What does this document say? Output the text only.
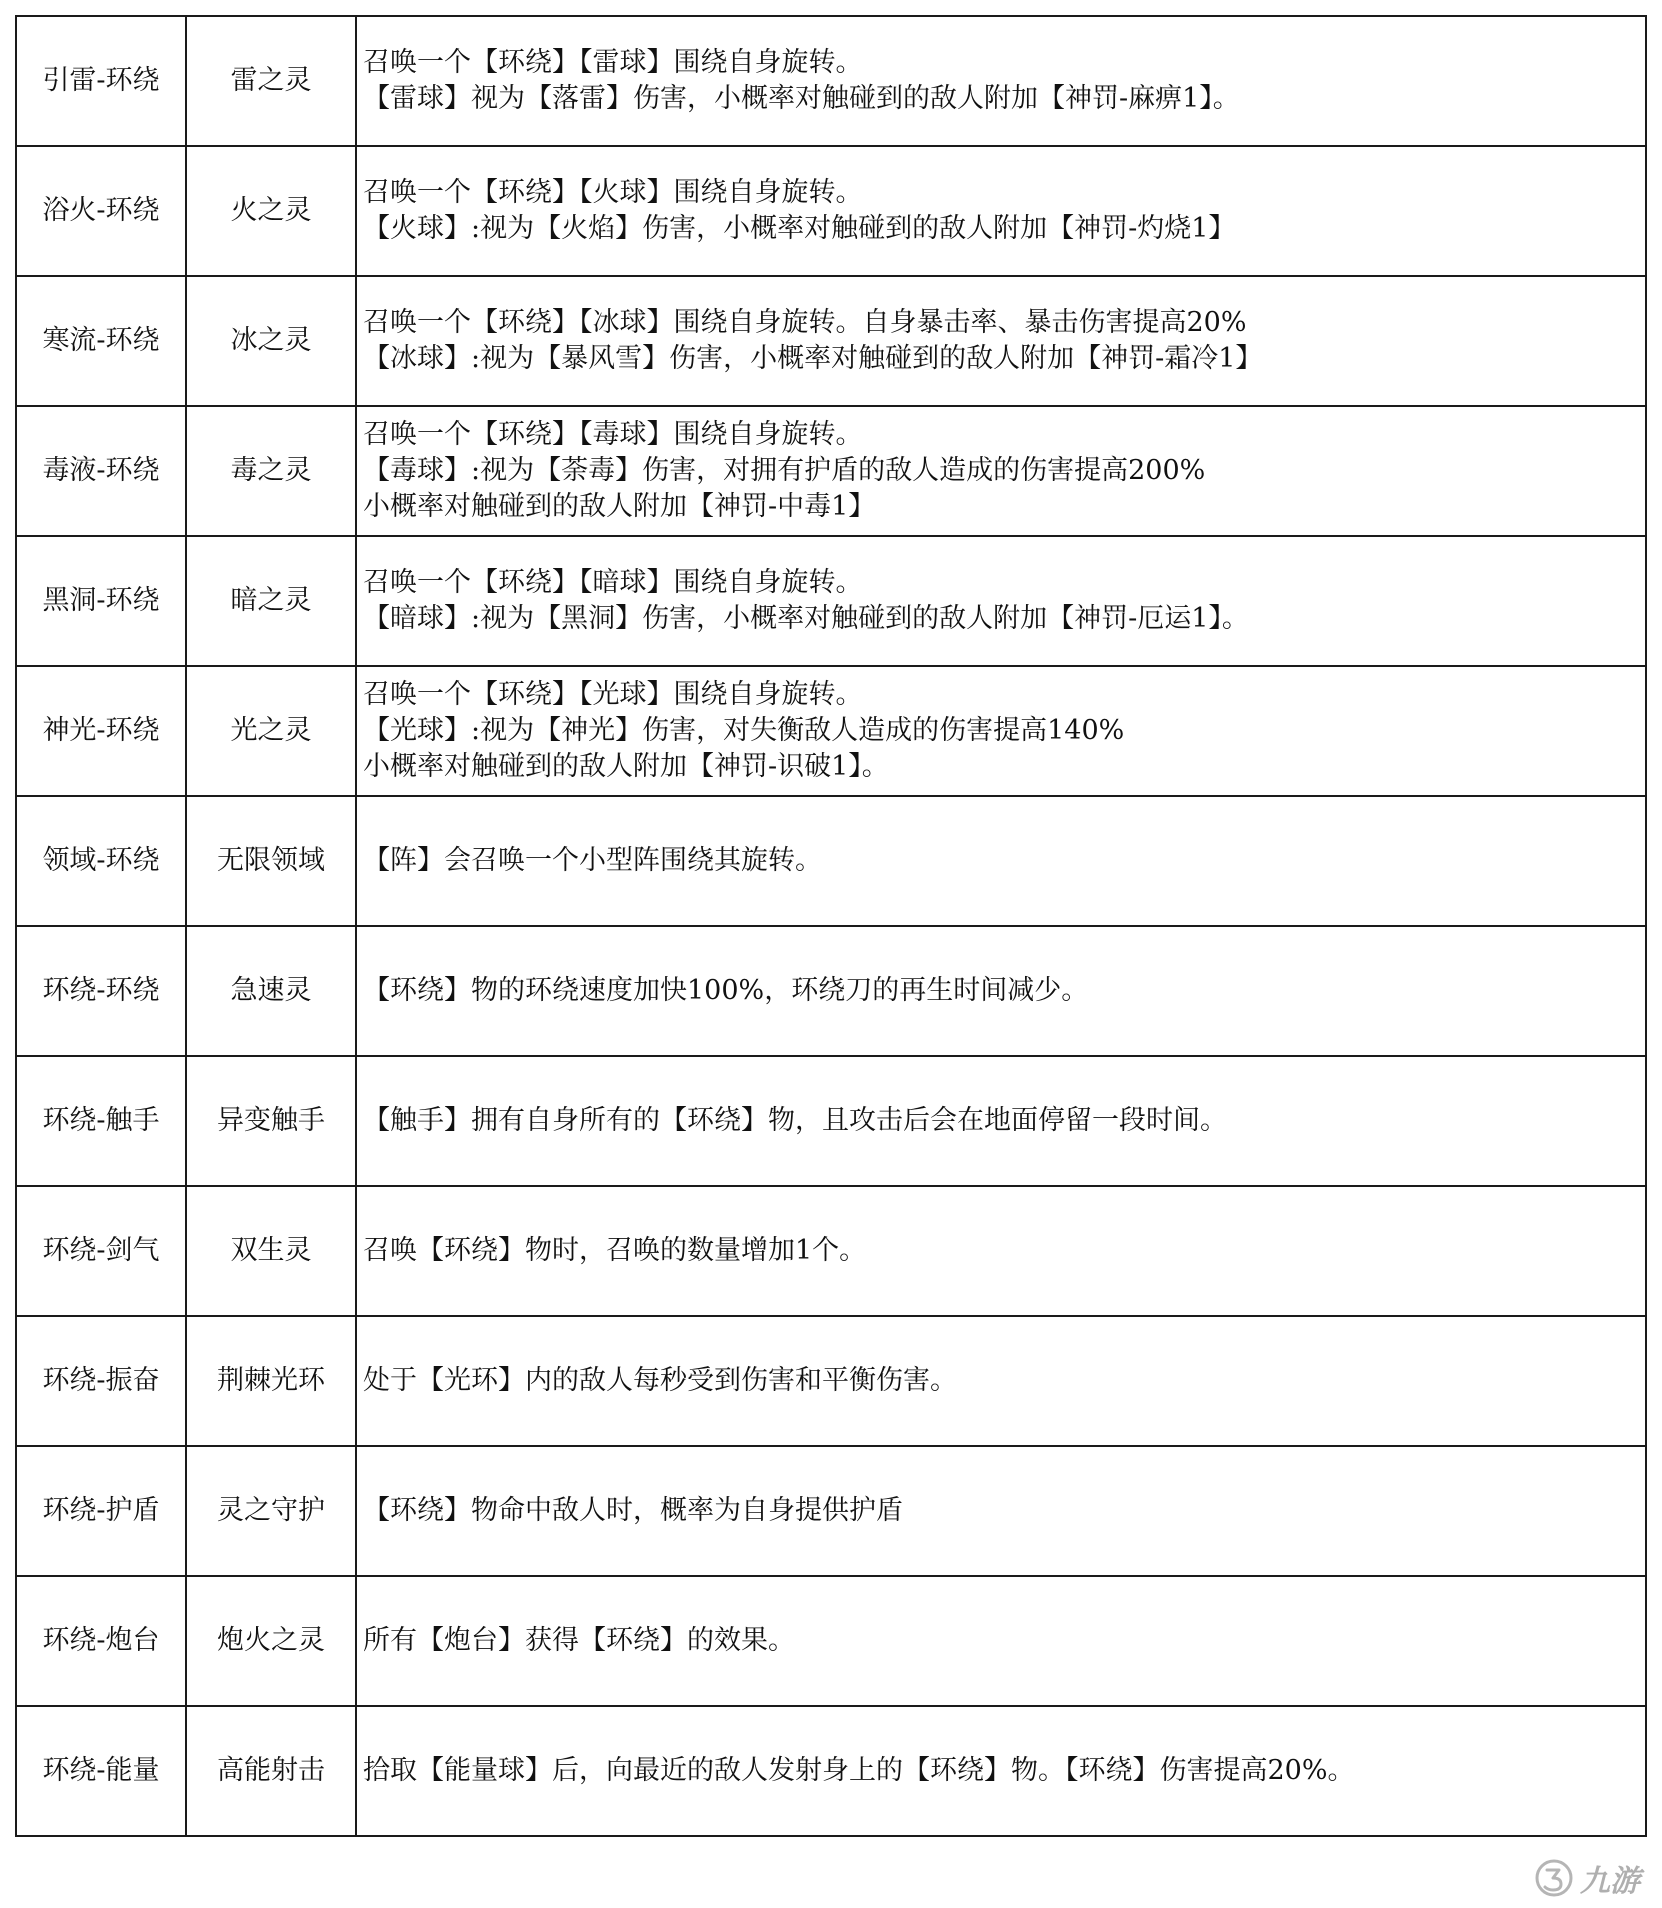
引雷-环绕	雷之灵	召唤一个【环绕】【雷球】围绕自身旋转。
【雷球】视为【落雷】伤害，小概率对触碰到的敌人附加【神罚-麻痹1】。

浴火-环绕	火之灵	召唤一个【环绕】【火球】围绕自身旋转。
【火球】:视为【火焰】伤害，小概率对触碰到的敌人附加【神罚-灼烧1】

寒流-环绕	冰之灵	召唤一个【环绕】【冰球】围绕自身旋转。自身暴击率、暴击伤害提高20%
【冰球】:视为【暴风雪】伤害，小概率对触碰到的敌人附加【神罚-霜冷1】

毒液-环绕	毒之灵	召唤一个【环绕】【毒球】围绕自身旋转。
【毒球】:视为【荼毒】伤害，对拥有护盾的敌人造成的伤害提高200%
小概率对触碰到的敌人附加【神罚-中毒1】

黑洞-环绕	暗之灵	召唤一个【环绕】【暗球】围绕自身旋转。
【暗球】:视为【黑洞】伤害，小概率对触碰到的敌人附加【神罚-厄运1】。

神光-环绕	光之灵	召唤一个【环绕】【光球】围绕自身旋转。
【光球】:视为【神光】伤害，对失衡敌人造成的伤害提高140%
小概率对触碰到的敌人附加【神罚-识破1】。

领域-环绕	无限领域	【阵】会召唤一个小型阵围绕其旋转。

环绕-环绕	急速灵	【环绕】物的环绕速度加快100%，环绕刀的再生时间减少。

环绕-触手	异变触手	【触手】拥有自身所有的【环绕】物，且攻击后会在地面停留一段时间。

环绕-剑气	双生灵	召唤【环绕】物时，召唤的数量增加1个。

环绕-振奋	荆棘光环	处于【光环】内的敌人每秒受到伤害和平衡伤害。

环绕-护盾	灵之守护	【环绕】物命中敌人时，概率为自身提供护盾

环绕-炮台	炮火之灵	所有【炮台】获得【环绕】的效果。

环绕-能量	高能射击	拾取【能量球】后，向最近的敌人发射身上的【环绕】物。【环绕】伤害提高20%。
九游
